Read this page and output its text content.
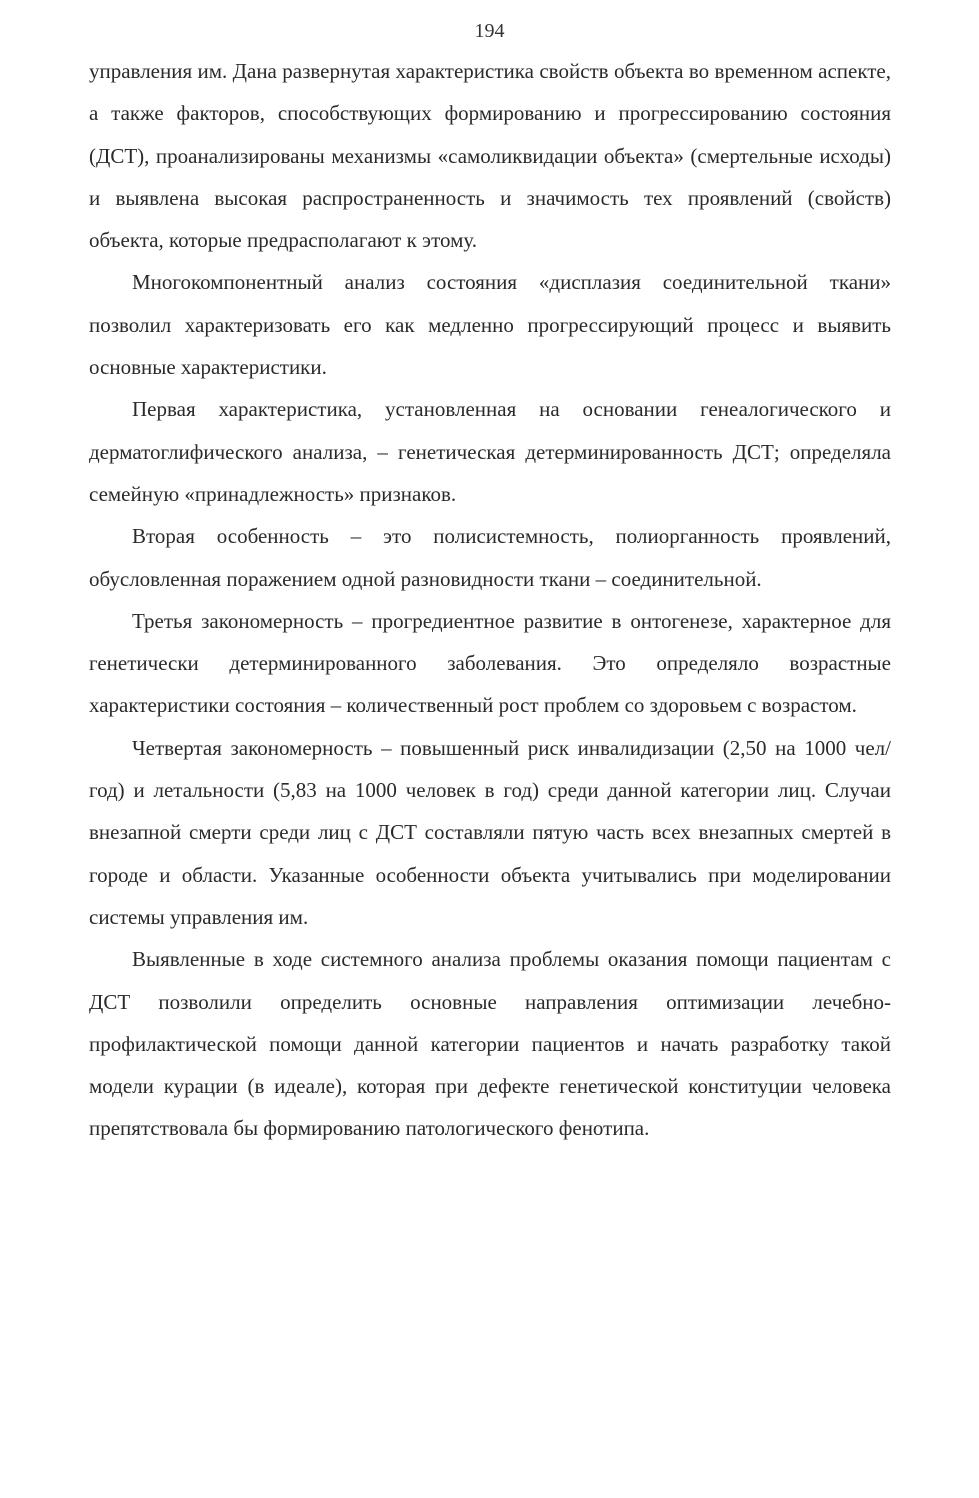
194

управления им. Дана развернутая характеристика свойств объекта во временном аспекте, а также факторов, способствующих формированию и прогрессированию состояния (ДСТ), проанализированы механизмы «самоликвидации объекта» (смертельные исходы) и выявлена высокая распространенность и значимость тех проявлений (свойств) объекта, которые предрасполагают к этому.

Многокомпонентный анализ состояния «дисплазия соединительной ткани» позволил характеризовать его как медленно прогрессирующий процесс и выявить основные характеристики.

Первая характеристика, установленная на основании генеалогического и дерматоглифического анализа, – генетическая детерминированность ДСТ; определяла семейную «принадлежность» признаков.

Вторая особенность – это полисистемность, полиорганность проявлений, обусловленная поражением одной разновидности ткани – соединительной.

Третья закономерность – прогредиентное развитие в онтогенезе, характерное для генетически детерминированного заболевания. Это определяло возрастные характеристики состояния – количественный рост проблем со здоровьем с возрастом.

Четвертая закономерность – повышенный риск инвалидизации (2,50 на 1000 чел/год) и летальности (5,83 на 1000 человек в год) среди данной категории лиц. Случаи внезапной смерти среди лиц с ДСТ составляли пятую часть всех внезапных смертей в городе и области. Указанные особенности объекта учитывались при моделировании системы управления им.

Выявленные в ходе системного анализа проблемы оказания помощи пациентам с ДСТ позволили определить основные направления оптимизации лечебно-профилактической помощи данной категории пациентов и начать разработку такой модели курации (в идеале), которая при дефекте генетической конституции человека препятствовала бы формированию патологического фенотипа.
